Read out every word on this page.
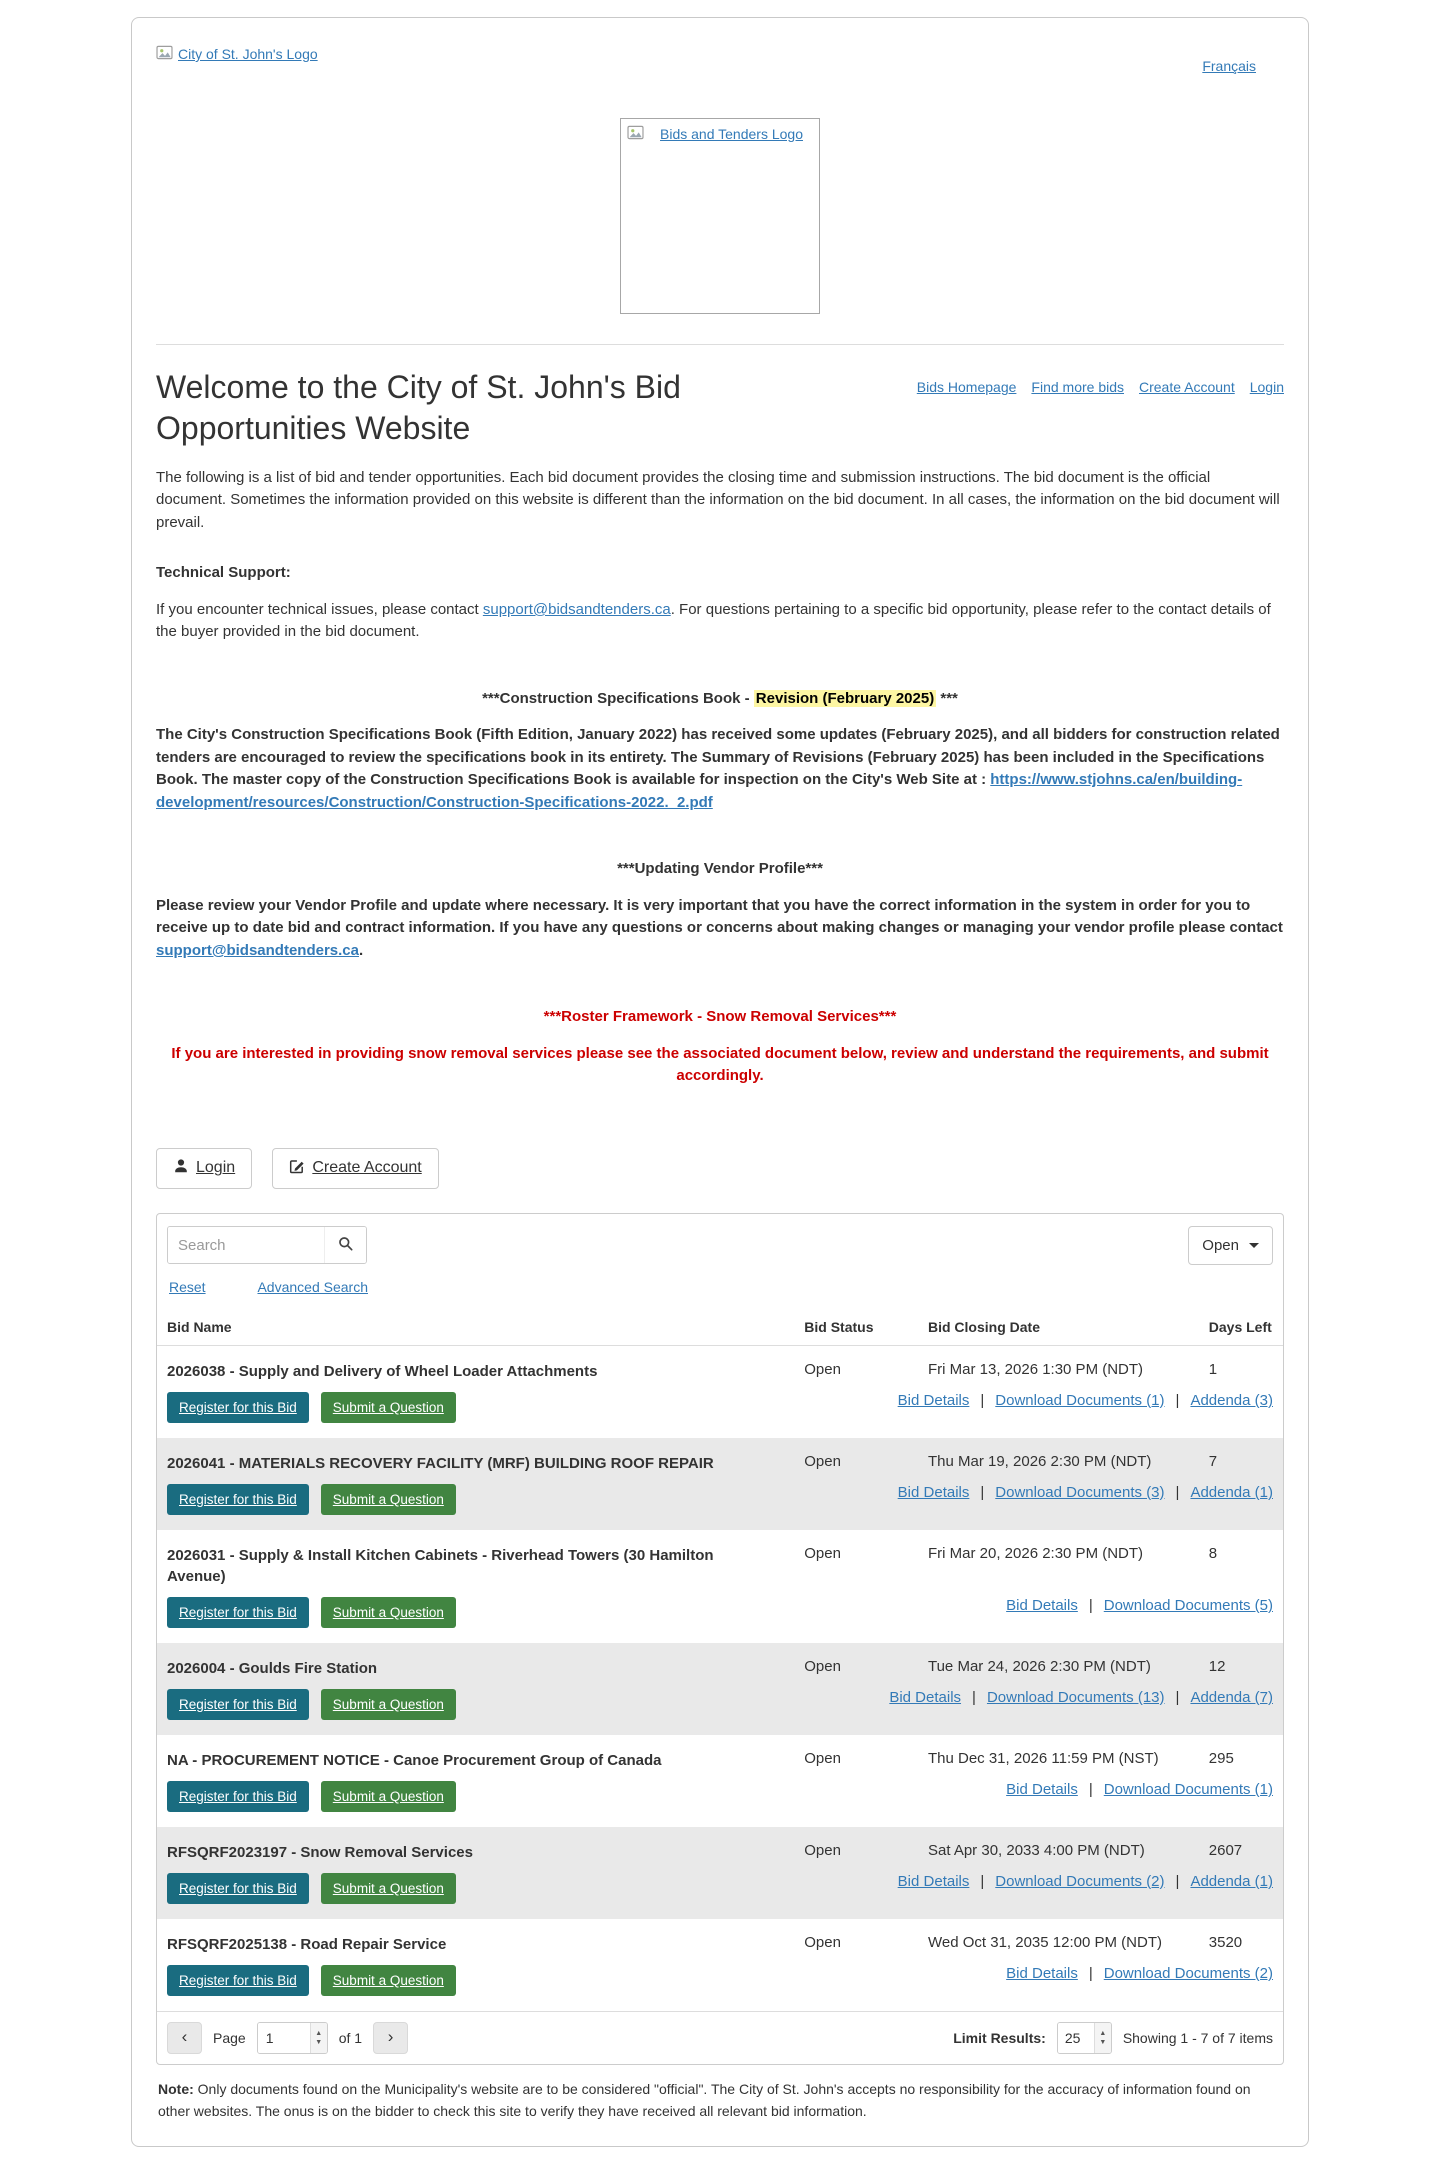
City of St. John's Logo
Français
Bids and Tenders Logo
Welcome to the City of St. John's Bid Opportunities Website
Bids Homepage Find more bids Create Account Login

The following is a list of bid and tender opportunities. Each bid document provides the closing time and submission instructions. The bid document is the official document. Sometimes the information provided on this website is different than the information on the bid document. In all cases, the information on the bid document will prevail.

Technical Support:

If you encounter technical issues, please contact support@bidsandtenders.ca. For questions pertaining to a specific bid opportunity, please refer to the contact details of the buyer provided in the bid document.

***Construction Specifications Book - Revision (February 2025) ***

The City's Construction Specifications Book (Fifth Edition, January 2022) has received some updates (February 2025), and all bidders for construction related tenders are encouraged to review the specifications book in its entirety. The Summary of Revisions (February 2025) has been included in the Specifications Book. The master copy of the Construction Specifications Book is available for inspection on the City's Web Site at : https://www.stjohns.ca/en/building-development/resources/Construction/Construction-Specifications-2022._2.pdf

***Updating Vendor Profile***

Please review your Vendor Profile and update where necessary. It is very important that you have the correct information in the system in order for you to receive up to date bid and contract information. If you have any questions or concerns about making changes or managing your vendor profile please contact support@bidsandtenders.ca.

***Roster Framework - Snow Removal Services***

If you are interested in providing snow removal services please see the associated document below, review and understand the requirements, and submit accordingly.

Login
	Create Account
Search
Open
Reset	Advanced Search
Bid Name	Bid Status	Bid Closing Date	Days Left
2026038 - Supply and Delivery of Wheel Loader Attachments	Open	Fri Mar 13, 2026 1:30 PM (NDT)	1
Register for this Bid Submit a Question	Bid Details | Download Documents (1) | Addenda (3)		
2026041 - MATERIALS RECOVERY FACILITY (MRF) BUILDING ROOF REPAIR	Open	Thu Mar 19, 2026 2:30 PM (NDT)	7
Register for this Bid Submit a Question	Bid Details | Download Documents (3) | Addenda (1)		
2026031 - Supply & Install Kitchen Cabinets - Riverhead Towers (30 Hamilton Avenue)	Open	Fri Mar 20, 2026 2:30 PM (NDT)	8
Register for this Bid Submit a Question	Bid Details | Download Documents (5)		
2026004 - Goulds Fire Station	Open	Tue Mar 24, 2026 2:30 PM (NDT)	12
Register for this Bid Submit a Question	Bid Details | Download Documents (13) | Addenda (7)		
NA - PROCUREMENT NOTICE - Canoe Procurement Group of Canada	Open	Thu Dec 31, 2026 11:59 PM (NST)	295
Register for this Bid Submit a Question	Bid Details | Download Documents (1)		
RFSQRF2023197 - Snow Removal Services	Open	Sat Apr 30, 2033 4:00 PM (NDT)	2607
Register for this Bid Submit a Question	Bid Details | Download Documents (2) | Addenda (1)		
RFSQRF2025138 - Road Repair Service	Open	Wed Oct 31, 2035 12:00 PM (NDT)	3520
Register for this Bid Submit a Question	Bid Details | Download Documents (2)		
‹ Page
1	▲
▼ of 1 ›	Limit Results:
25	▲
▼ Showing 1 - 7 of 7 items

Note: Only documents found on the Municipality's website are to be considered "official". The City of St. John's accepts no responsibility for the accuracy of information found on other websites. The onus is on the bidder to check this site to verify they have received all relevant bid information.
